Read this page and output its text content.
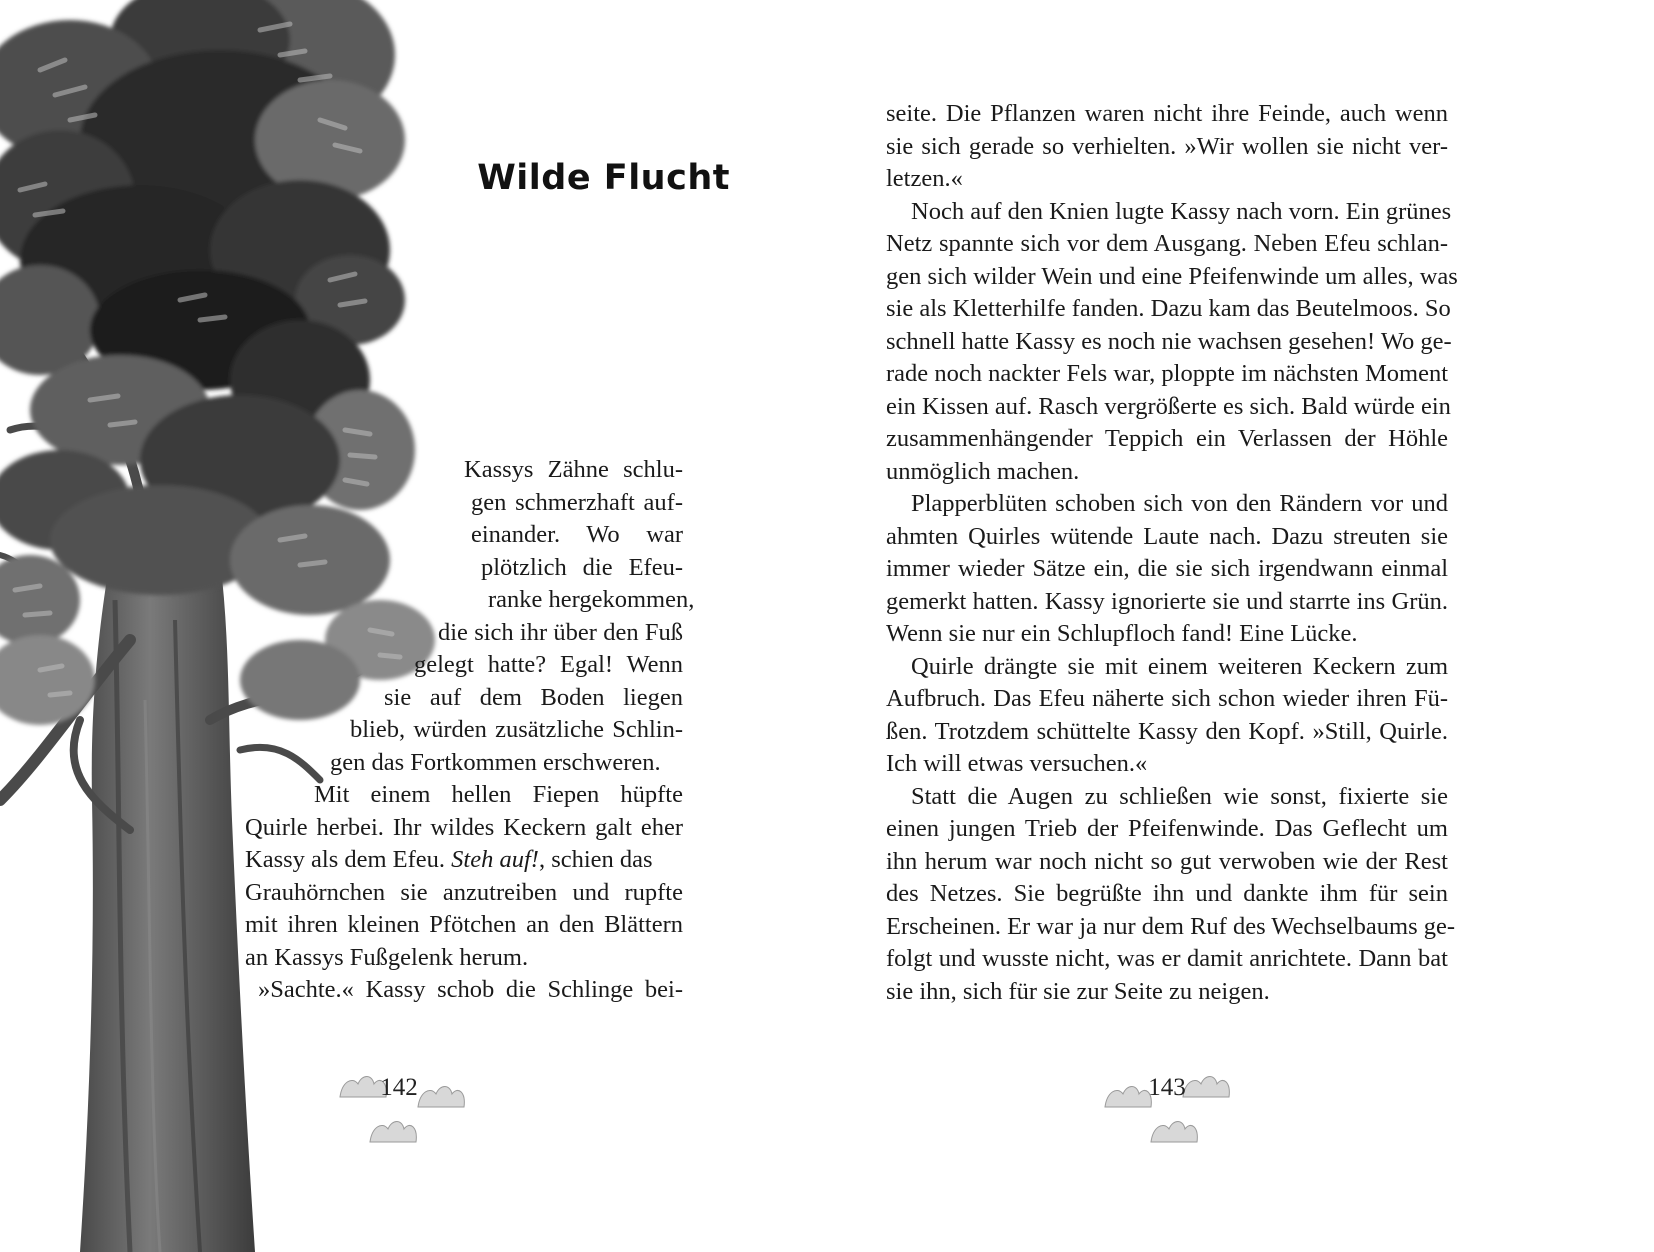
Wilde Flucht
Kassys Zähne schlu-
gen schmerzhaft auf-
einander. Wo war
plötzlich die Efeu-
ranke hergekommen,
die sich ihr über den Fuß
gelegt hatte? Egal! Wenn
sie auf dem Boden liegen
blieb, würden zusätzliche Schlin-
gen das Fortkommen erschweren.
Mit einem hellen Fiepen hüpfte
Quirle herbei. Ihr wildes Keckern galt eher
Kassy als dem Efeu. Steh auf! , schien das
Grauhörnchen sie anzutreiben und rupfte
mit ihren kleinen Pfötchen an den Blättern
an Kassys Fußgelenk herum.
»Sachte.« Kassy schob die Schlinge bei-
142
seite. Die Pflanzen waren nicht ihre Feinde, auch wenn
sie sich gerade so verhielten. »Wir wollen sie nicht ver-
letzen.«
Noch auf den Knien lugte Kassy nach vorn. Ein grünes
Netz spannte sich vor dem Ausgang. Neben Efeu schlan-
gen sich wilder Wein und eine Pfeifenwinde um alles, was
sie als Kletterhilfe fanden. Dazu kam das Beutelmoos. So
schnell hatte Kassy es noch nie wachsen gesehen! Wo ge-
rade noch nackter Fels war, ploppte im nächsten Moment
ein Kissen auf. Rasch vergrößerte es sich. Bald würde ein
zusammenhängender Teppich ein Verlassen der Höhle
unmöglich machen.
Plapperblüten schoben sich von den Rändern vor und
ahmten Quirles wütende Laute nach. Dazu streuten sie
immer wieder Sätze ein, die sie sich irgendwann einmal
gemerkt hatten. Kassy ignorierte sie und starrte ins Grün.
Wenn sie nur ein Schlupfloch fand! Eine Lücke.
Quirle drängte sie mit einem weiteren Keckern zum
Aufbruch. Das Efeu näherte sich schon wieder ihren Fü-
ßen. Trotzdem schüttelte Kassy den Kopf. »Still, Quirle.
Ich will etwas versuchen.«
Statt die Augen zu schließen wie sonst, fixierte sie
einen jungen Trieb der Pfeifenwinde. Das Geflecht um
ihn herum war noch nicht so gut verwoben wie der Rest
des Netzes. Sie begrüßte ihn und dankte ihm für sein
Erscheinen. Er war ja nur dem Ruf des Wechselbaums ge-
folgt und wusste nicht, was er damit anrichtete. Dann bat
sie ihn, sich für sie zur Seite zu neigen.
143
